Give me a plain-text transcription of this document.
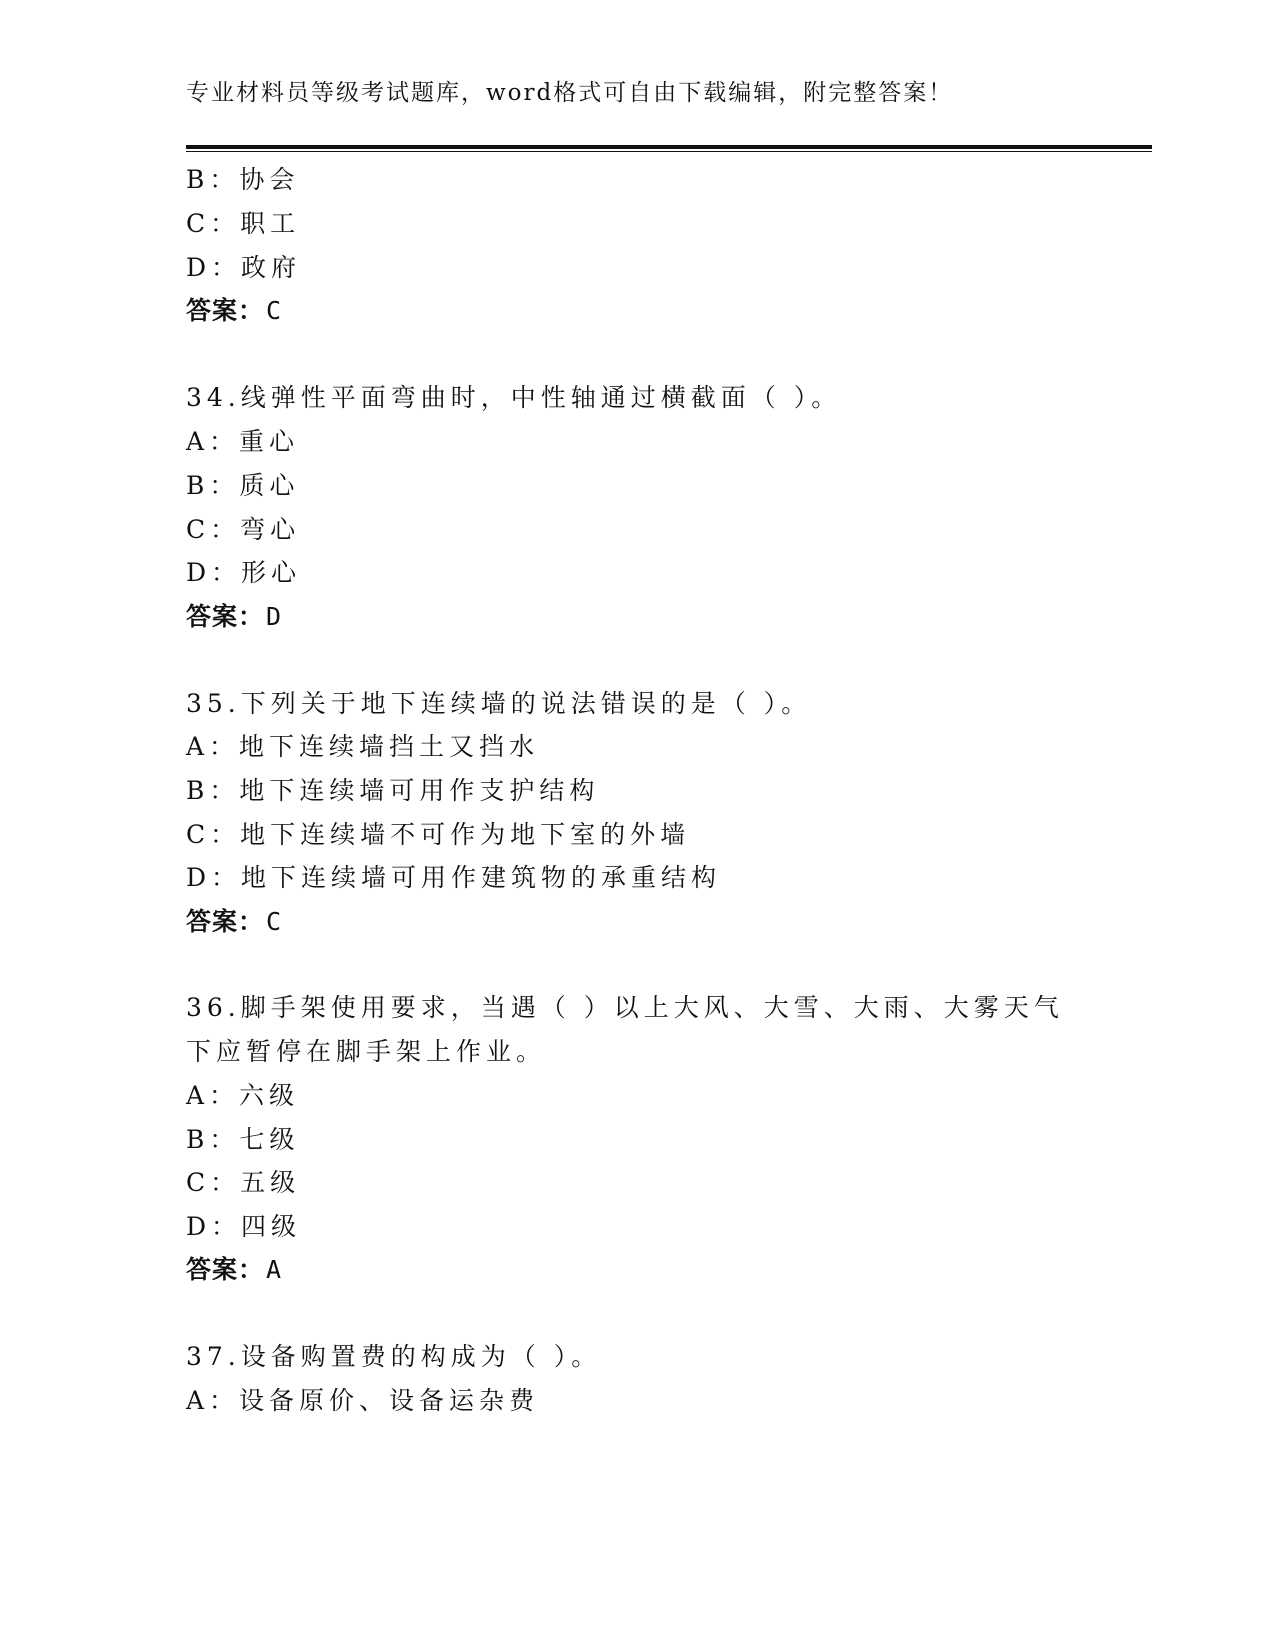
专业材料员等级考试题库，word格式可自由下载编辑，附完整答案！
B：协会
C：职工
D：政府
答案：C
34.线弹性平面弯曲时，中性轴通过横截面（ ）。
A：重心
B：质心
C：弯心
D：形心
答案：D
35.下列关于地下连续墙的说法错误的是（ ）。
A：地下连续墙挡土又挡水
B：地下连续墙可用作支护结构
C：地下连续墙不可作为地下室的外墙
D：地下连续墙可用作建筑物的承重结构
答案：C
36.脚手架使用要求，当遇（ ）以上大风、大雪、大雨、大雾天气
下应暂停在脚手架上作业。
A：六级
B：七级
C：五级
D：四级
答案：A
37.设备购置费的构成为（ ）。
A：设备原价、设备运杂费
